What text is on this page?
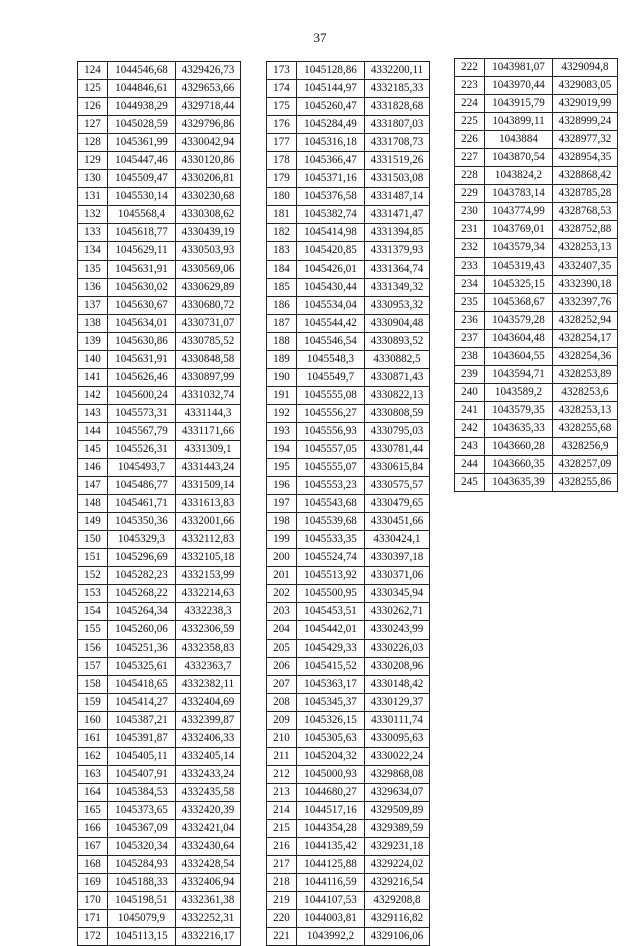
37
124	1044546,68	4329426,73
125	1044846,61	4329653,66
126	1044938,29	4329718,44
127	1045028,59	4329796,86
128	1045361,99	4330042,94
129	1045447,46	4330120,86
130	1045509,47	4330206,81
131	1045530,14	4330230,68
132	1045568,4	4330308,62
133	1045618,77	4330439,19
134	1045629,11	4330503,93
135	1045631,91	4330569,06
136	1045630,02	4330629,89
137	1045630,67	4330680,72
138	1045634,01	4330731,07
139	1045630,86	4330785,52
140	1045631,91	4330848,58
141	1045626,46	4330897,99
142	1045600,24	4331032,74
143	1045573,31	4331144,3
144	1045567,79	4331171,66
145	1045526,31	4331309,1
146	1045493,7	4331443,24
147	1045486,77	4331509,14
148	1045461,71	4331613,83
149	1045350,36	4332001,66
150	1045329,3	4332112,83
151	1045296,69	4332105,18
152	1045282,23	4332153,99
153	1045268,22	4332214,63
154	1045264,34	4332238,3
155	1045260,06	4332306,59
156	1045251,36	4332358,83
157	1045325,61	4332363,7
158	1045418,65	4332382,11
159	1045414,27	4332404,69
160	1045387,21	4332399,87
161	1045391,87	4332406,33
162	1045405,11	4332405,14
163	1045407,91	4332433,24
164	1045384,53	4332435,58
165	1045373,65	4332420,39
166	1045367,09	4332421,04
167	1045320,34	4332430,64
168	1045284,93	4332428,54
169	1045188,33	4332406,94
170	1045198,51	4332361,38
171	1045079,9	4332252,31
172	1045113,15	4332216,17
173	1045128,86	4332200,11
174	1045144,97	4332185,33
175	1045260,47	4331828,68
176	1045284,49	4331807,03
177	1045316,18	4331708,73
178	1045366,47	4331519,26
179	1045371,16	4331503,08
180	1045376,58	4331487,14
181	1045382,74	4331471,47
182	1045414,98	4331394,85
183	1045420,85	4331379,93
184	1045426,01	4331364,74
185	1045430,44	4331349,32
186	1045534,04	4330953,32
187	1045544,42	4330904,48
188	1045546,54	4330893,52
189	1045548,3	4330882,5
190	1045549,7	4330871,43
191	1045555,08	4330822,13
192	1045556,27	4330808,59
193	1045556,93	4330795,03
194	1045557,05	4330781,44
195	1045555,07	4330615,84
196	1045553,23	4330575,57
197	1045543,68	4330479,65
198	1045539,68	4330451,66
199	1045533,35	4330424,1
200	1045524,74	4330397,18
201	1045513,92	4330371,06
202	1045500,95	4330345,94
203	1045453,51	4330262,71
204	1045442,01	4330243,99
205	1045429,33	4330226,03
206	1045415,52	4330208,96
207	1045363,17	4330148,42
208	1045345,37	4330129,37
209	1045326,15	4330111,74
210	1045305,63	4330095,63
211	1045204,32	4330022,24
212	1045000,93	4329868,08
213	1044680,27	4329634,07
214	1044517,16	4329509,89
215	1044354,28	4329389,59
216	1044135,42	4329231,18
217	1044125,88	4329224,02
218	1044116,59	4329216,54
219	1044107,53	4329208,8
220	1044003,81	4329116,82
221	1043992,2	4329106,06
222	1043981,07	4329094,8
223	1043970,44	4329083,05
224	1043915,79	4329019,99
225	1043899,11	4328999,24
226	1043884	4328977,32
227	1043870,54	4328954,35
228	1043824,2	4328868,42
229	1043783,14	4328785,28
230	1043774,99	4328768,53
231	1043769,01	4328752,88
232	1043579,34	4328253,13
233	1045319,43	4332407,35
234	1045325,15	4332390,18
235	1045368,67	4332397,76
236	1043579,28	4328252,94
237	1043604,48	4328254,17
238	1043604,55	4328254,36
239	1043594,71	4328253,89
240	1043589,2	4328253,6
241	1043579,35	4328253,13
242	1043635,33	4328255,68
243	1043660,28	4328256,9
244	1043660,35	4328257,09
245	1043635,39	4328255,86
